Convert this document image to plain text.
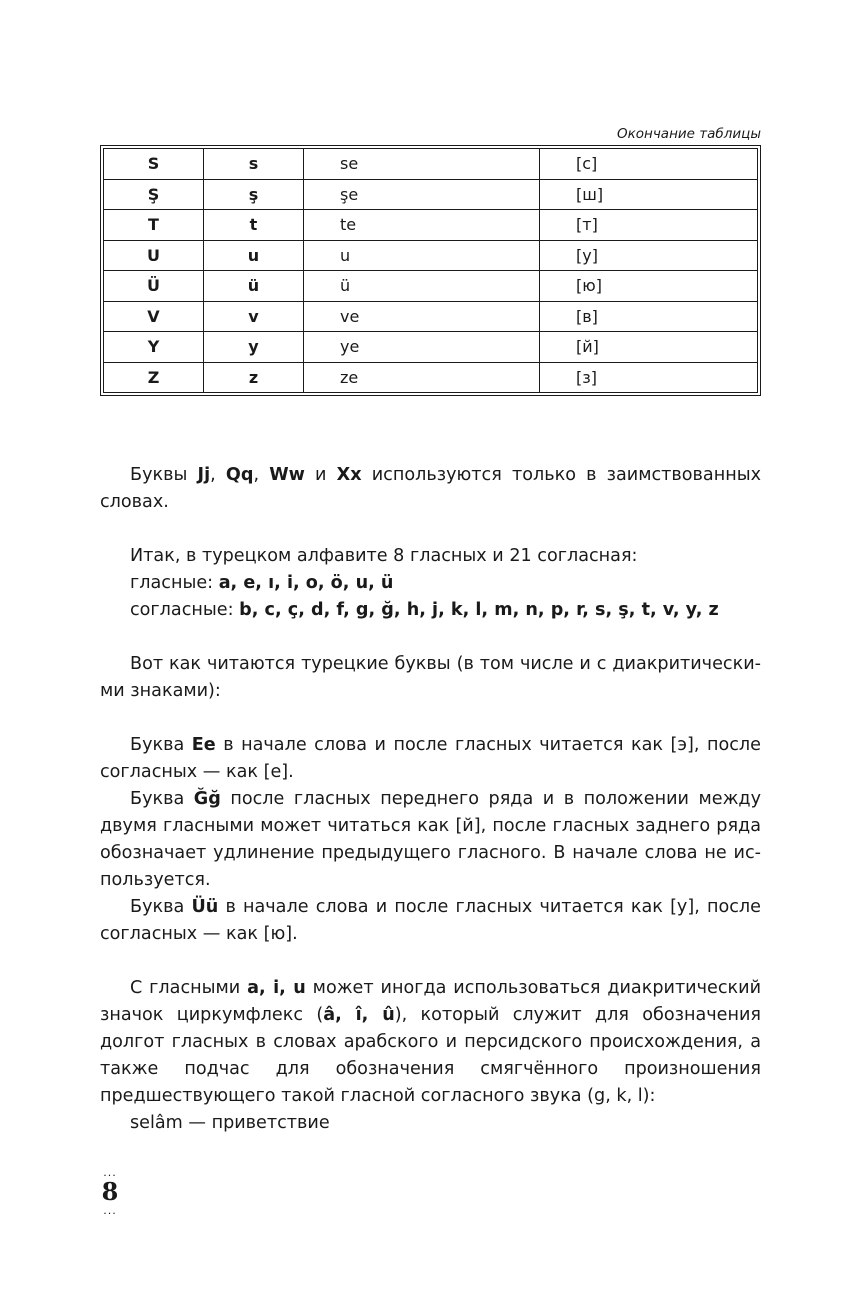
Окончание таблицы
S	s	se	[с]
Ş	ş	şe	[ш]
T	t	te	[т]
U	u	u	[у]
Ü	ü	ü	[ю]
V	v	ve	[в]
Y	y	ye	[й]
Z	z	ze	[з]

Буквы Jj, Qq, Ww и Xx используются только в заимствованных словах.

Итак, в турецком алфавите 8 гласных и 21 согласная:

гласные: a, e, ı, i, o, ö, u, ü

согласные: b, c, ç, d, f, g, ğ, h, j, k, l, m, n, p, r, s, ş, t, v, y, z

Вот как читаются турецкие буквы (в том числе и с диакритическими знаками):

Буква Ee в начале слова и после гласных читается как [э], после согласных — как [е].

Буква Ğğ после гласных переднего ряда и в положении между двумя гласными может читаться как [й], после гласных заднего ряда обозначает удлинение предыдущего гласного. В начале слова не используется.

Буква Üü в начале слова и после гласных читается как [у], после согласных — как [ю].

С гласными a, i, u может иногда использоваться диакритический значок циркумфлекс (â, î, û), который служит для обозначения долгот гласных в словах арабского и персидского происхождения, а также подчас для обозначения смягчённого произношения предшествующего такой гласной согласного звука (g, k, l):

selâm — приветствие

...
8
...
